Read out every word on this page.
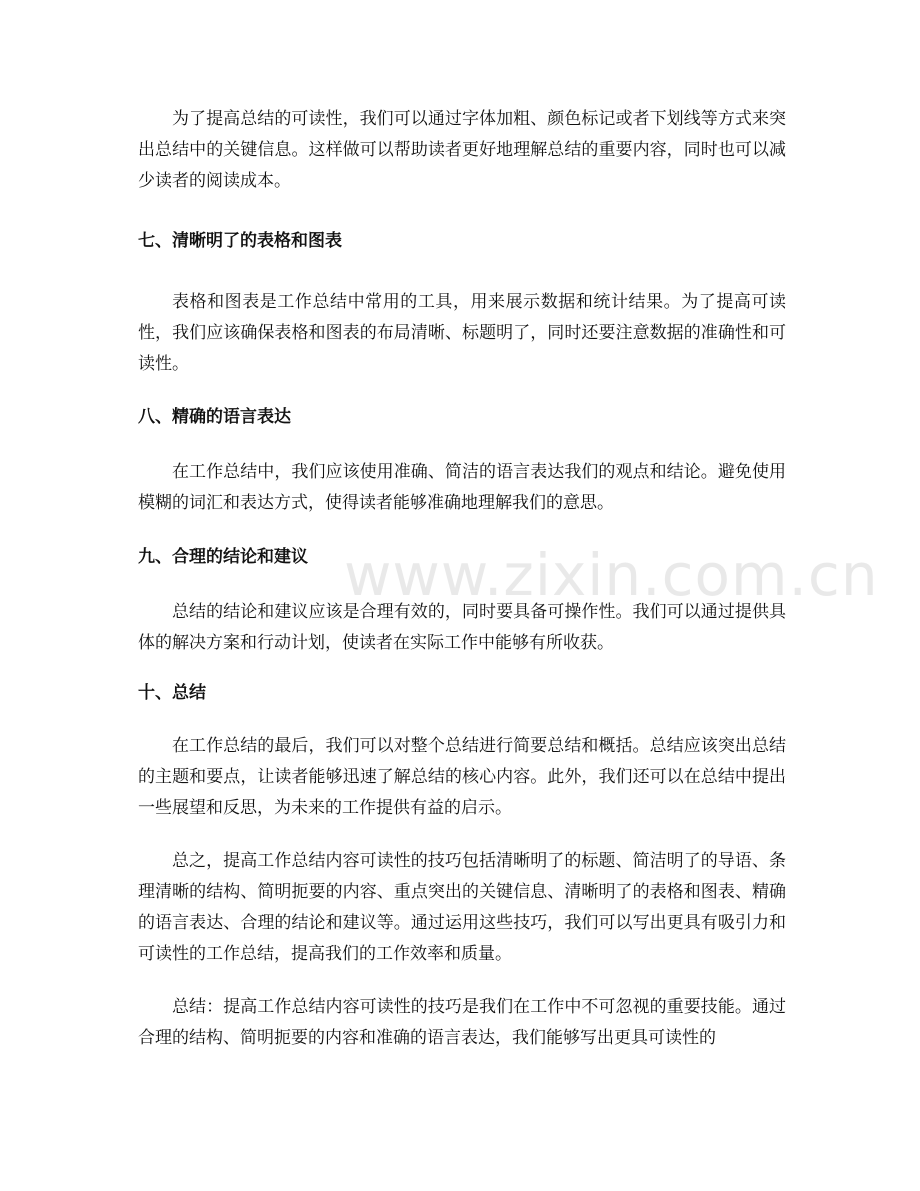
为了提高总结的可读性，我们可以通过字体加粗、颜色标记或者下划线等方式来突出总结中的关键信息。这样做可以帮助读者更好地理解总结的重要内容，同时也可以减少读者的阅读成本。

七、清晰明了的表格和图表

表格和图表是工作总结中常用的工具，用来展示数据和统计结果。为了提高可读性，我们应该确保表格和图表的布局清晰、标题明了，同时还要注意数据的准确性和可读性。

八、精确的语言表达

在工作总结中，我们应该使用准确、简洁的语言表达我们的观点和结论。避免使用模糊的词汇和表达方式，使得读者能够准确地理解我们的意思。

九、合理的结论和建议

总结的结论和建议应该是合理有效的，同时要具备可操作性。我们可以通过提供具体的解决方案和行动计划，使读者在实际工作中能够有所收获。

十、总结

在工作总结的最后，我们可以对整个总结进行简要总结和概括。总结应该突出总结的主题和要点，让读者能够迅速了解总结的核心内容。此外，我们还可以在总结中提出一些展望和反思，为未来的工作提供有益的启示。

总之，提高工作总结内容可读性的技巧包括清晰明了的标题、简洁明了的导语、条理清晰的结构、简明扼要的内容、重点突出的关键信息、清晰明了的表格和图表、精确的语言表达、合理的结论和建议等。通过运用这些技巧，我们可以写出更具有吸引力和可读性的工作总结，提高我们的工作效率和质量。

总结：提高工作总结内容可读性的技巧是我们在工作中不可忽视的重要技能。通过合理的结构、简明扼要的内容和准确的语言表达，我们能够写出更具可读性的

www.zixin.com.cn
